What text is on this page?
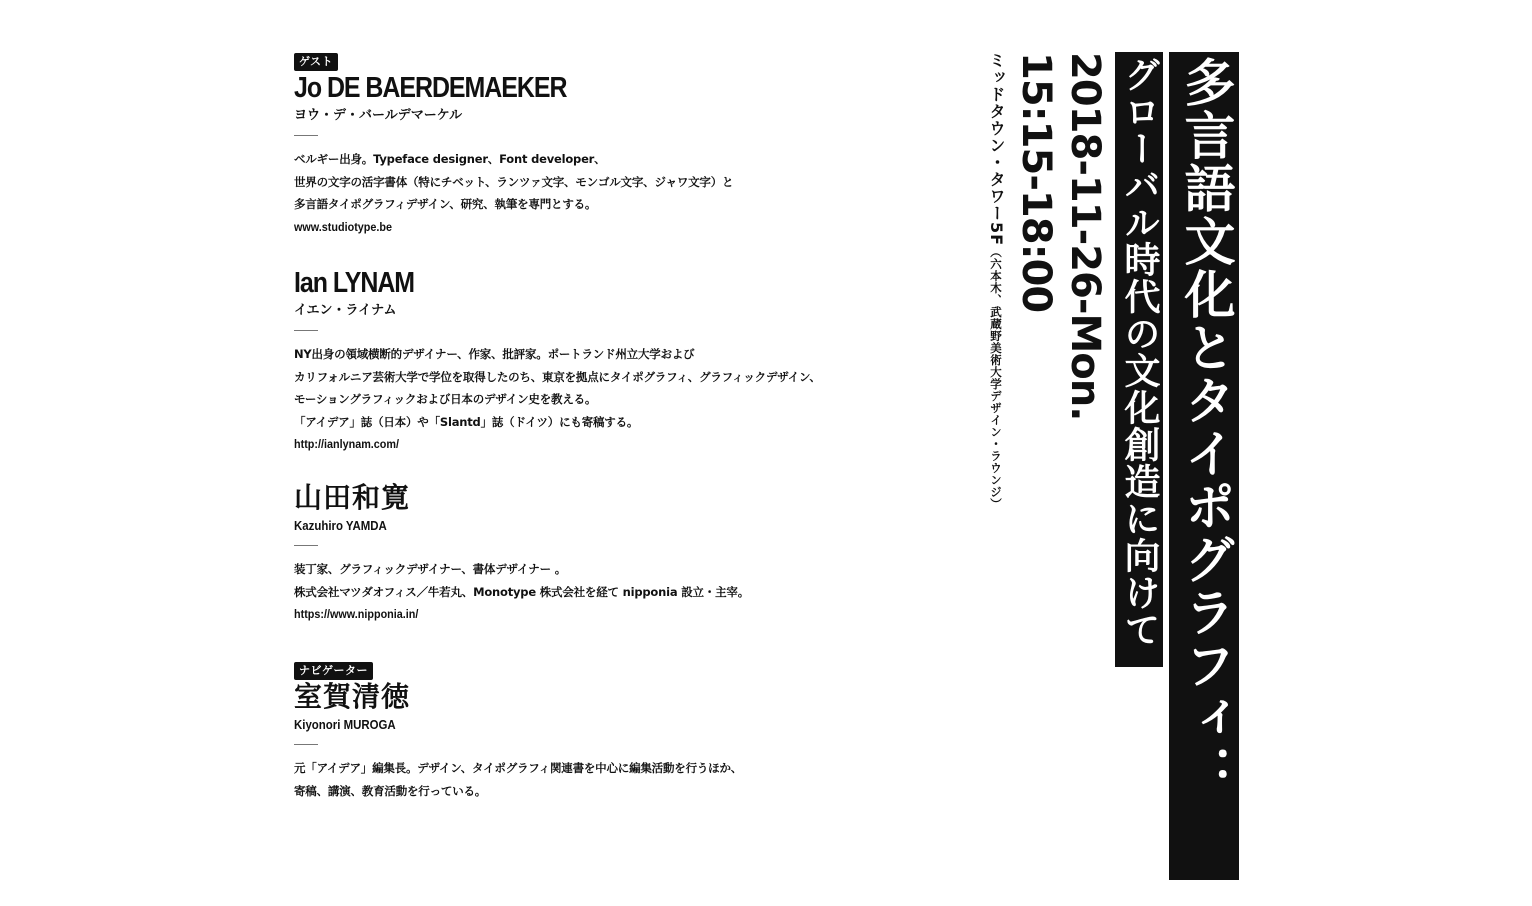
ゲスト
Jo DE BAERDEMAEKER
ヨウ・デ・バールデマーケル
ベルギー出身。Typeface designer、Font developer、
世界の文字の活字書体（特にチベット、ランツァ文字、モンゴル文字、ジャワ文字）と
多言語タイポグラフィデザイン、研究、執筆を専門とする。
www.studiotype.be
Ian LYNAM
イエン・ライナム
NY出身の領域横断的デザイナー、作家、批評家。ポートランド州立大学および
カリフォルニア芸術大学で学位を取得したのち、東京を拠点にタイポグラフィ、グラフィックデザイン、
モーショングラフィックおよび日本のデザイン史を教える。
「アイデア」誌（日本）や「Slantd」誌（ドイツ）にも寄稿する。
http://ianlynam.com/
山田和寛
Kazuhiro YAMDA
装丁家、グラフィックデザイナー、書体デザイナー 。
株式会社マツダオフィス／牛若丸、Monotype 株式会社を経て nipponia 設立・主宰。
https://www.nipponia.in/
ナビゲーター
室賀清徳
Kiyonori MUROGA
元「アイデア」編集長。デザイン、タイポグラフィ関連書を中心に編集活動を行うほか、
寄稿、講演、教育活動を行っている。	多言語文化とタイポグラフィ：
グローバル時代の文化創造に向けて
2018-11-26-Mon.
15:15-18:00
ミッドタウン・タワー5F（六本木、武蔵野美術大学デザイン・ラウンジ）
